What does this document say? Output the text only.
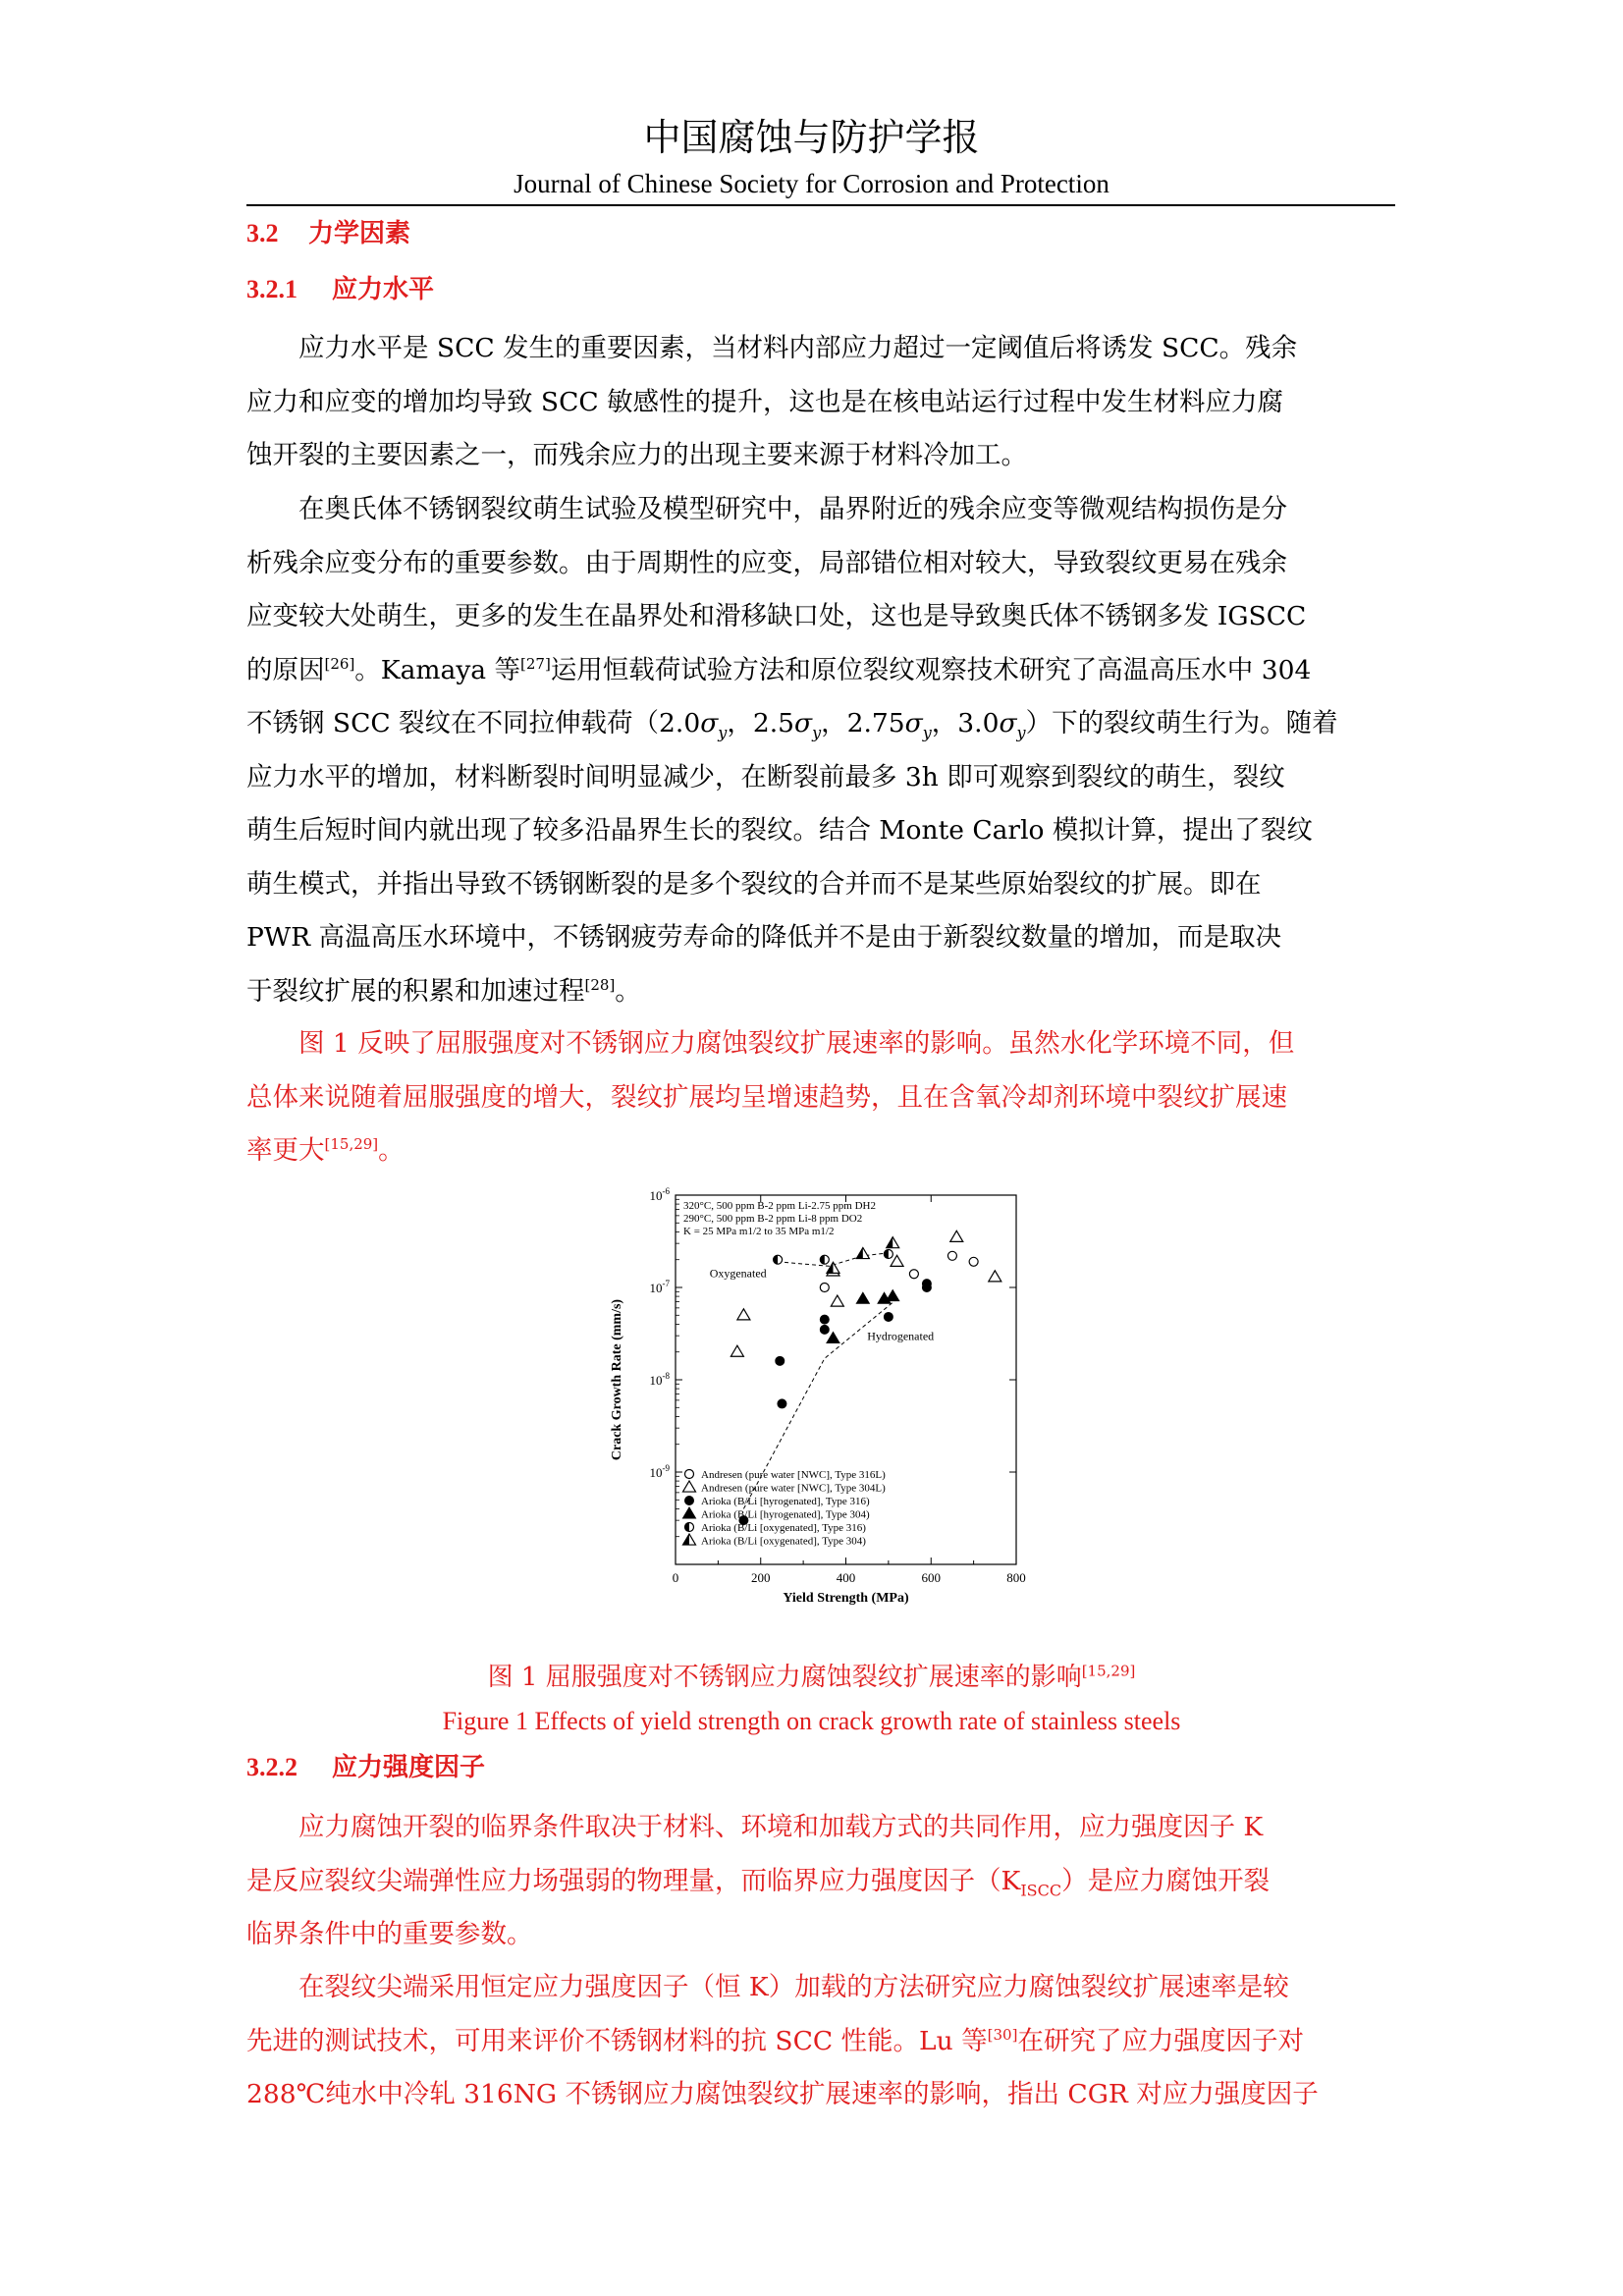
中国腐蚀与防护学报
Journal of Chinese Society for Corrosion and Protection
3.2 力学因素
3.2.1 应力水平
　　应力水平是 SCC 发生的重要因素，当材料内部应力超过一定阈值后将诱发 SCC。残余
应力和应变的增加均导致 SCC 敏感性的提升，这也是在核电站运行过程中发生材料应力腐
蚀开裂的主要因素之一，而残余应力的出现主要来源于材料冷加工。
　　在奥氏体不锈钢裂纹萌生试验及模型研究中，晶界附近的残余应变等微观结构损伤是分
析残余应变分布的重要参数。由于周期性的应变，局部错位相对较大，导致裂纹更易在残余
应变较大处萌生，更多的发生在晶界处和滑移缺口处，这也是导致奥氏体不锈钢多发 IGSCC
的原因[26]。Kamaya 等[27]运用恒载荷试验方法和原位裂纹观察技术研究了高温高压水中 304
不锈钢 SCC 裂纹在不同拉伸载荷（$2.0\sigma_y$，$2.5\sigma_y$，$2.75\sigma_y$，$3.0\sigma_y$）下的裂纹萌生行为。随着
应力水平的增加，材料断裂时间明显减少，在断裂前最多 3h 即可观察到裂纹的萌生，裂纹
萌生后短时间内就出现了较多沿晶界生长的裂纹。结合 Monte Carlo 模拟计算，提出了裂纹
萌生模式，并指出导致不锈钢断裂的是多个裂纹的合并而不是某些原始裂纹的扩展。即在
PWR 高温高压水环境中，不锈钢疲劳寿命的降低并不是由于新裂纹数量的增加，而是取决
于裂纹扩展的积累和加速过程[28]。
　　图 1 反映了屈服强度对不锈钢应力腐蚀裂纹扩展速率的影响。虽然水化学环境不同，但
总体来说随着屈服强度的增大，裂纹扩展均呈增速趋势，且在含氧冷却剂环境中裂纹扩展速
率更大[15,29]。
0	200	400	600	800
$10^{-6}$
$10^{-7}$
$10^{-8}$
$10^{-9}$
Yield Strength (MPa)
Crack Growth Rate (mm/s)
320°C, 500 ppm B-2 ppm Li-2.75 ppm DH2
290°C, 500 ppm B-2 ppm Li-8 ppm DO2
K = 25 MPa m1/2 to 35 MPa m1/2
Oxygenated
Hydrogenated
Andresen (pure water [NWC], Type 316L)
Andresen (pure water [NWC], Type 304L)
Arioka (B/Li [hyrogenated], Type 316)
Arioka (B/Li [hyrogenated], Type 304)
Arioka (B/Li [oxygenated], Type 316)
Arioka (B/Li [oxygenated], Type 304)
图 1 屈服强度对不锈钢应力腐蚀裂纹扩展速率的影响[15,29]
Figure 1 Effects of yield strength on crack growth rate of stainless steels
3.2.2 应力强度因子
　　应力腐蚀开裂的临界条件取决于材料、环境和加载方式的共同作用，应力强度因子 K
是反应裂纹尖端弹性应力场强弱的物理量，而临界应力强度因子$(K_{ISCC})$是应力腐蚀开裂
临界条件中的重要参数。
　　在裂纹尖端采用恒定应力强度因子（恒 K）加载的方法研究应力腐蚀裂纹扩展速率是较
先进的测试技术，可用来评价不锈钢材料的抗 SCC 性能。Lu 等[30]在研究了应力强度因子对
288℃纯水中冷轧 316NG 不锈钢应力腐蚀裂纹扩展速率的影响，指出 CGR 对应力强度因子
